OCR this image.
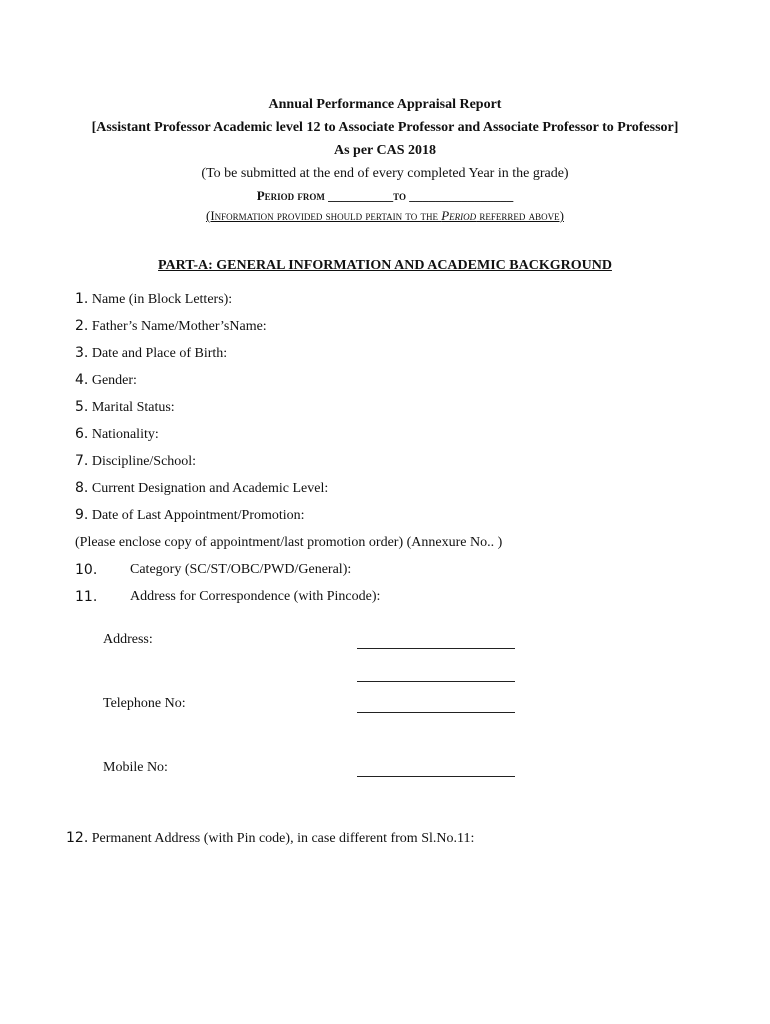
Annual Performance Appraisal Report
[Assistant Professor Academic level 12 to Associate Professor and Associate Professor to Professor]
As per CAS 2018
(To be submitted at the end of every completed Year in the grade)
Period from __________to ________________
(Information provided should pertain to the Period referred above)
PART-A: GENERAL INFORMATION AND ACADEMIC BACKGROUND
1. Name (in Block Letters):
2. Father’s Name/Mother’sName:
3. Date and Place of Birth:
4. Gender:
5. Marital Status:
6. Nationality:
7. Discipline/School:
8. Current Designation and Academic Level:
9. Date of Last Appointment/Promotion:
(Please enclose copy of appointment/last promotion order) (Annexure No.. )
10. Category (SC/ST/OBC/PWD/General):
11. Address for Correspondence (with Pincode):
Address:
Telephone No:
Mobile No:
12. Permanent Address (with Pin code), in case different from Sl.No.11:
